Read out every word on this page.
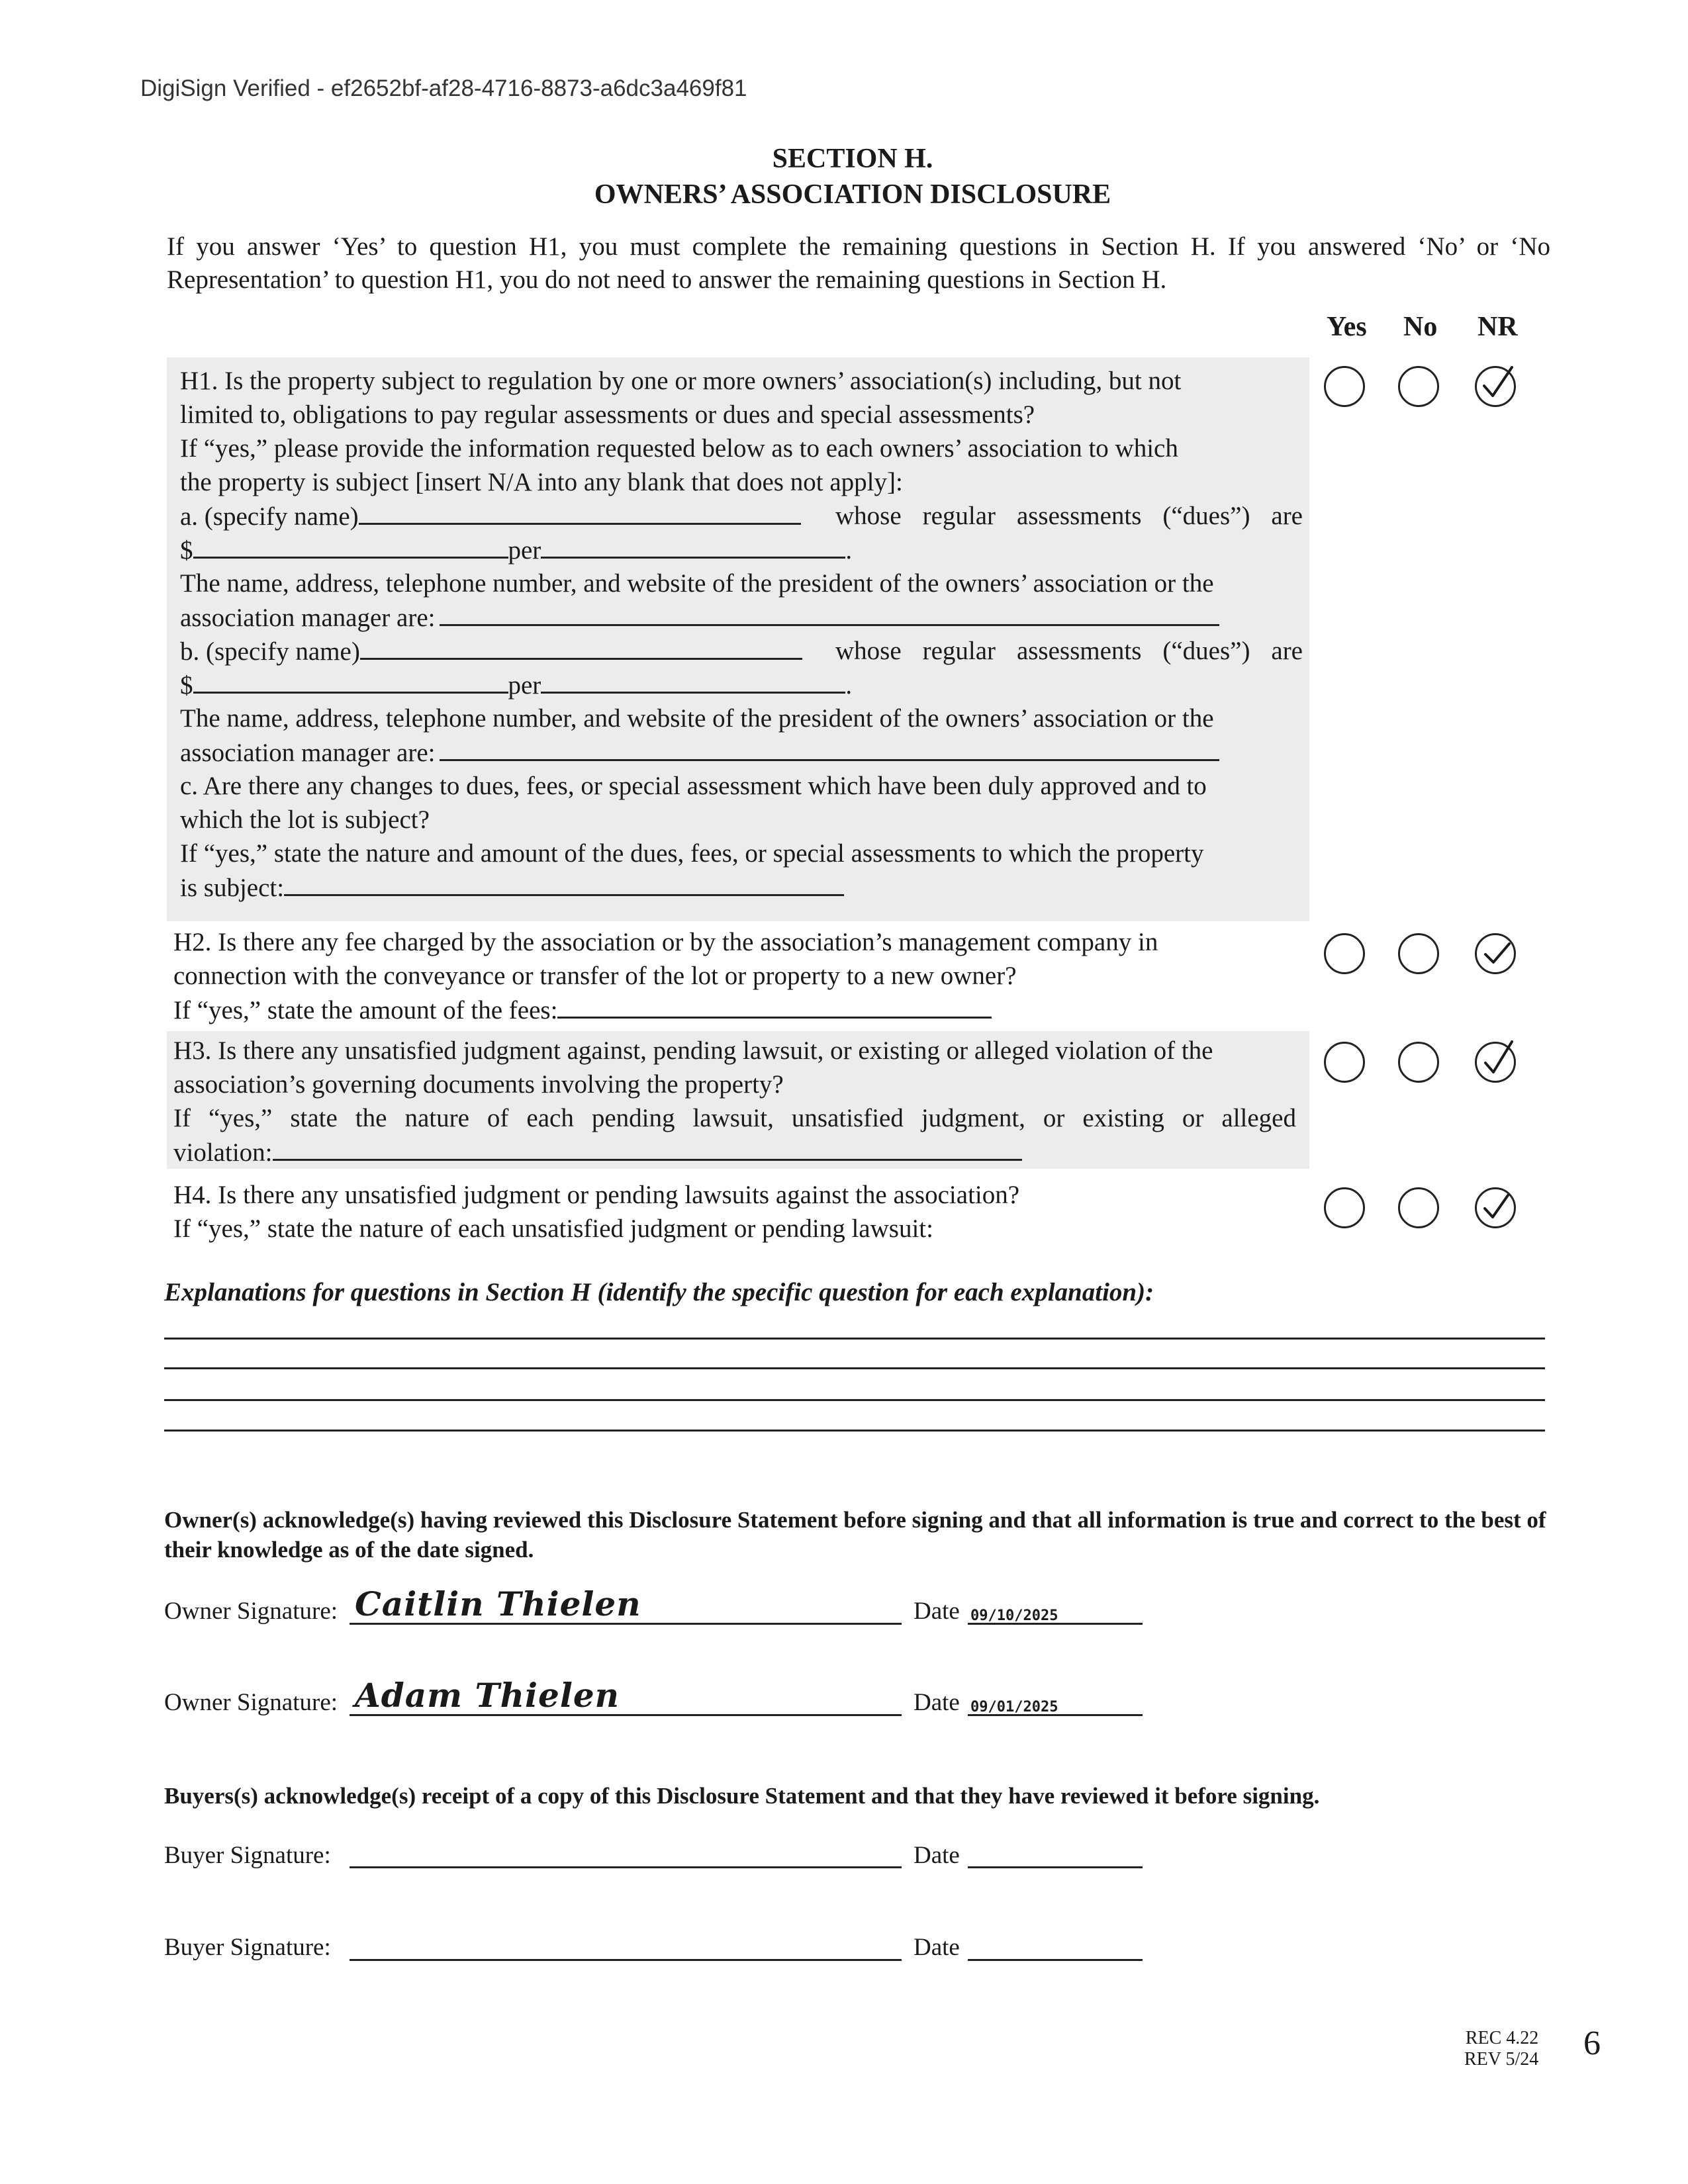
DigiSign Verified - ef2652bf-af28-4716-8873-a6dc3a469f81
SECTION H.
OWNERS’ ASSOCIATION DISCLOSURE
If you answer ‘Yes’ to question H1, you must complete the remaining questions in Section H. If you answered ‘No’ or ‘No Representation’ to question H1, you do not need to answer the remaining questions in Section H.
Yes No NR
H1. Is the property subject to regulation by one or more owners’ association(s) including, but not
limited to, obligations to pay regular assessments or dues and special assessments?
If “yes,” please provide the information requested below as to each owners’ association to which
the property is subject [insert N/A into any blank that does not apply]:
a. (specify name)	whose regular assessments (“dues”) are
$	per	.
The name, address, telephone number, and website of the president of the owners’ association or the
association manager are:
b. (specify name)	whose regular assessments (“dues”) are
$	per	.
The name, address, telephone number, and website of the president of the owners’ association or the
association manager are:
c. Are there any changes to dues, fees, or special assessment which have been duly approved and to
which the lot is subject?
If “yes,” state the nature and amount of the dues, fees, or special assessments to which the property
is subject:
H2. Is there any fee charged by the association or by the association’s management company in
connection with the conveyance or transfer of the lot or property to a new owner?
If “yes,” state the amount of the fees:
H3. Is there any unsatisfied judgment against, pending lawsuit, or existing or alleged violation of the
association’s governing documents involving the property?
If “yes,” state the nature of each pending lawsuit, unsatisfied judgment, or existing or alleged
violation:
H4. Is there any unsatisfied judgment or pending lawsuits against the association?
If “yes,” state the nature of each unsatisfied judgment or pending lawsuit:
Explanations for questions in Section H (identify the specific question for each explanation):
Owner(s) acknowledge(s) having reviewed this Disclosure Statement before signing and that all information is true and correct to the best of their knowledge as of the date signed.
Owner Signature: Caitlin Thielen	Date 09/10/2025
Owner Signature: Adam Thielen	Date 09/01/2025
Buyers(s) acknowledge(s) receipt of a copy of this Disclosure Statement and that they have reviewed it before signing.
Buyer Signature:	Date
Buyer Signature:	Date
REC 4.22
REV 5/24 6
